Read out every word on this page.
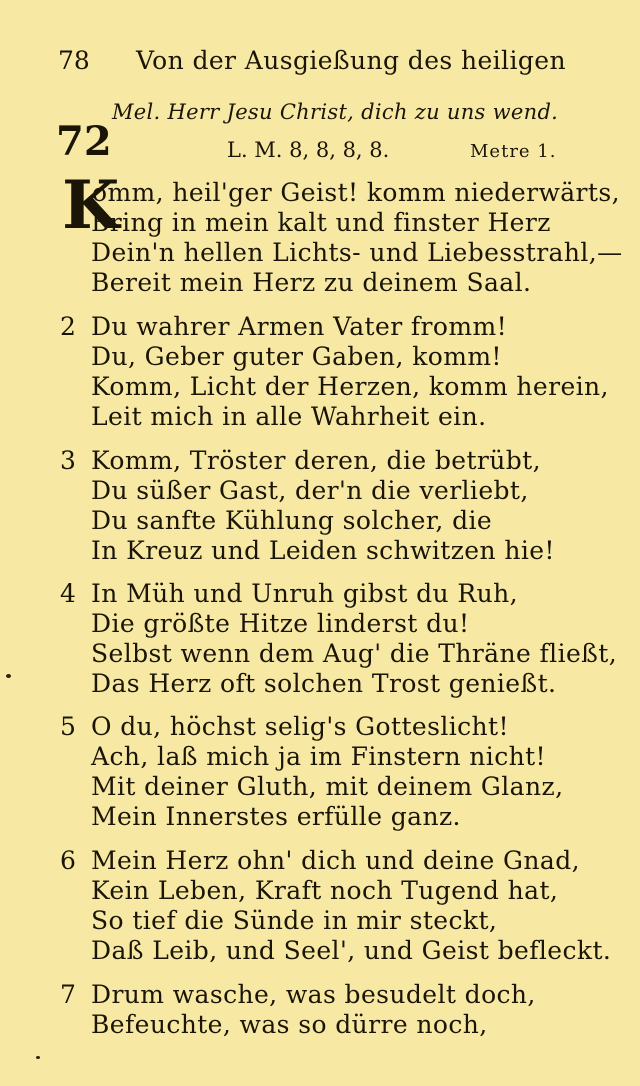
78 Von der Ausgießung des heiligen
Mel. Herr Jesu Christ, dich zu uns wend.
72	L. M. 8, 8, 8, 8.	Metre 1.
K
omm, heil'ger Geist! komm niederwärts,
Bring in mein kalt und finster Herz
Dein'n hellen Lichts- und Liebesstrahl,—
Bereit mein Herz zu deinem Saal.
2 Du wahrer Armen Vater fromm!
Du, Geber guter Gaben, komm!
Komm, Licht der Herzen, komm herein,
Leit mich in alle Wahrheit ein.
3 Komm, Tröster deren, die betrübt,
Du süßer Gast, der'n die verliebt,
Du sanfte Kühlung solcher, die
In Kreuz und Leiden schwitzen hie!
4 In Müh und Unruh gibst du Ruh,
Die größte Hitze linderst du!
Selbst wenn dem Aug' die Thräne fließt,
Das Herz oft solchen Trost genießt.
5 O du, höchst selig's Gotteslicht!
Ach, laß mich ja im Finstern nicht!
Mit deiner Gluth, mit deinem Glanz,
Mein Innerstes erfülle ganz.
6 Mein Herz ohn' dich und deine Gnad,
Kein Leben, Kraft noch Tugend hat,
So tief die Sünde in mir steckt,
Daß Leib, und Seel', und Geist befleckt.
7 Drum wasche, was besudelt doch,
Befeuchte, was so dürre noch,
